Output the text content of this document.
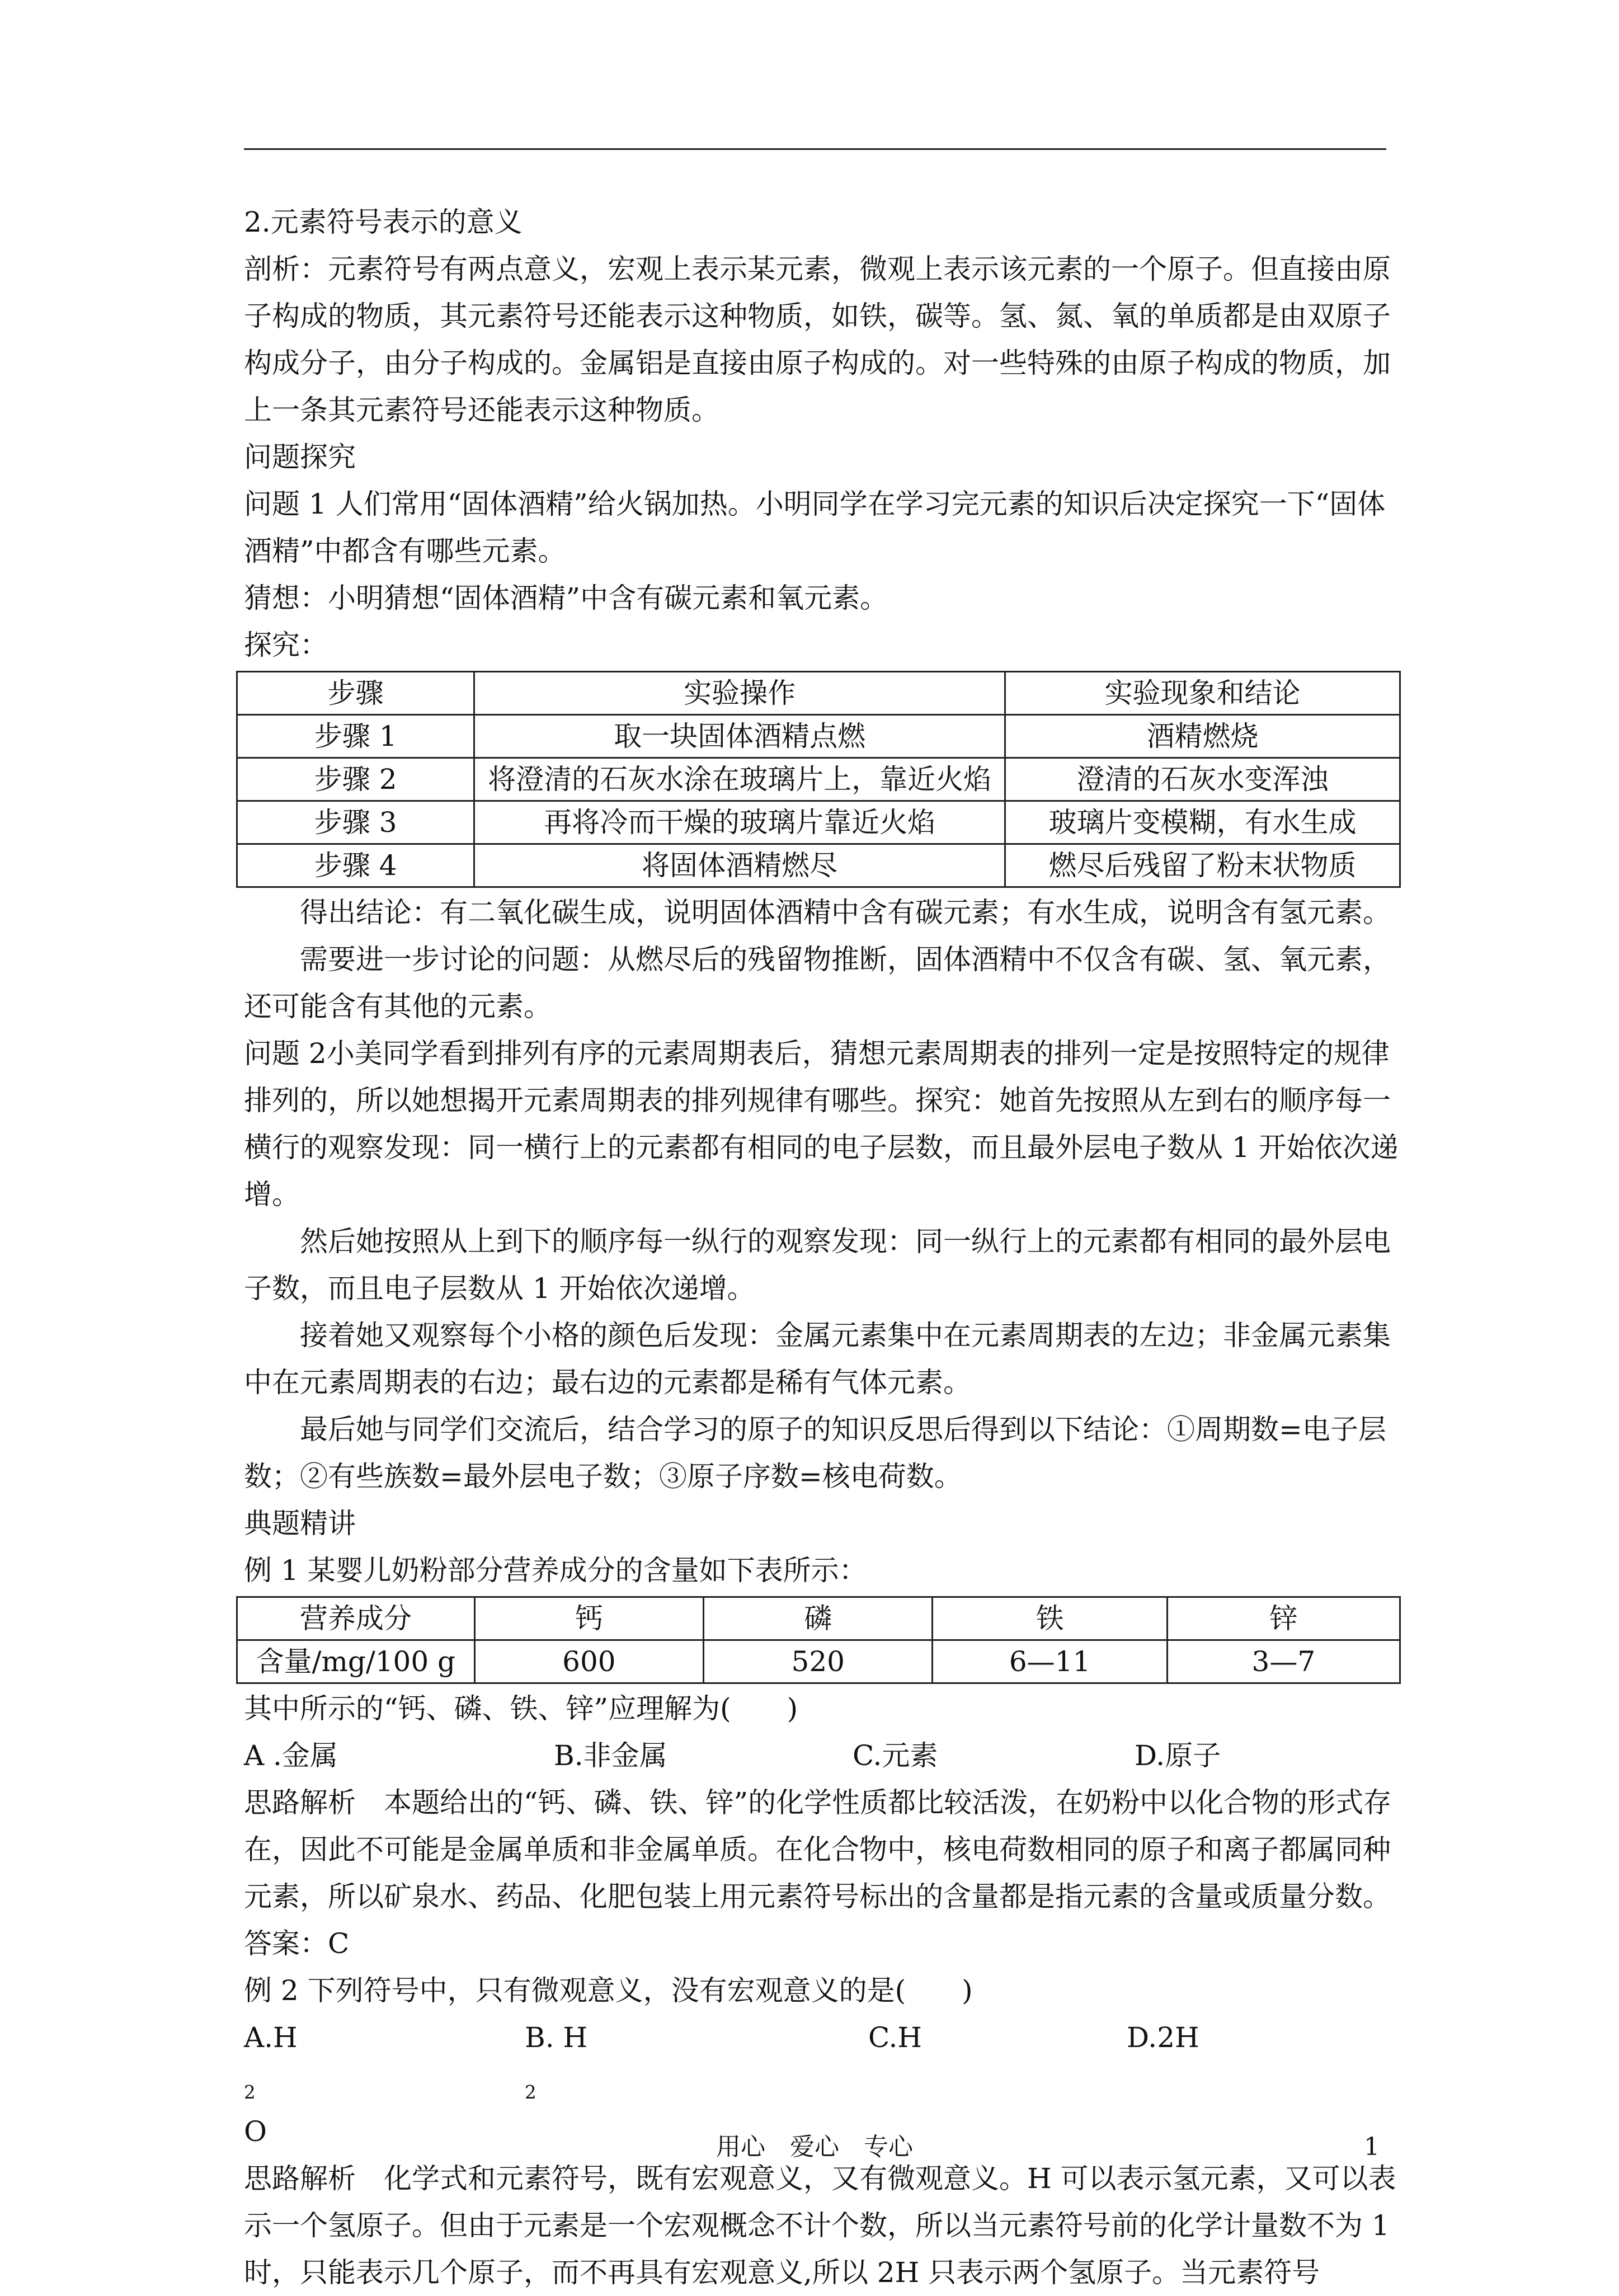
2.元素符号表示的意义

剖析：元素符号有两点意义，宏观上表示某元素，微观上表示该元素的一个原子。但直接由原子构成的物质，其元素符号还能表示这种物质，如铁，碳等。氢、氮、氧的单质都是由双原子构成分子，由分子构成的。金属铝是直接由原子构成的。对一些特殊的由原子构成的物质，加上一条其元素符号还能表示这种物质。

问题探究

问题 1 人们常用“固体酒精”给火锅加热。小明同学在学习完元素的知识后决定探究一下“固体酒精”中都含有哪些元素。

猜想：小明猜想“固体酒精”中含有碳元素和氧元素。

探究：

步骤	实验操作	实验现象和结论
步骤 1	取一块固体酒精点燃	酒精燃烧
步骤 2	将澄清的石灰水涂在玻璃片上，靠近火焰	澄清的石灰水变浑浊
步骤 3	再将冷而干燥的玻璃片靠近火焰	玻璃片变模糊，有水生成
步骤 4	将固体酒精燃尽	燃尽后残留了粉末状物质

得出结论：有二氧化碳生成，说明固体酒精中含有碳元素；有水生成，说明含有氢元素。

需要进一步讨论的问题：从燃尽后的残留物推断，固体酒精中不仅含有碳、氢、氧元素，还可能含有其他的元素。

问题 2小美同学看到排列有序的元素周期表后，猜想元素周期表的排列一定是按照特定的规律排列的，所以她想揭开元素周期表的排列规律有哪些。探究：她首先按照从左到右的顺序每一横行的观察发现：同一横行上的元素都有相同的电子层数，而且最外层电子数从 1 开始依次递增。

然后她按照从上到下的顺序每一纵行的观察发现：同一纵行上的元素都有相同的最外层电子数，而且电子层数从 1 开始依次递增。

接着她又观察每个小格的颜色后发现：金属元素集中在元素周期表的左边；非金属元素集中在元素周期表的右边；最右边的元素都是稀有气体元素。

最后她与同学们交流后，结合学习的原子的知识反思后得到以下结论：①周期数=电子层数；②有些族数=最外层电子数；③原子序数=核电荷数。

典题精讲

例 1 某婴儿奶粉部分营养成分的含量如下表所示：

营养成分	钙	磷	铁	锌
含量/mg/100 g	600	520	6—11	3—7

其中所示的“钙、磷、铁、锌”应理解为(　　)

A .金属	B.非金属	C.元素	D.原子

思路解析　本题给出的“钙、磷、铁、锌”的化学性质都比较活泼，在奶粉中以化合物的形式存在，因此不可能是金属单质和非金属单质。在化合物中，核电荷数相同的原子和离子都属同种元素，所以矿泉水、药品、化肥包装上用元素符号标出的含量都是指元素的含量或质量分数。

答案：C

例 2 下列符号中，只有微观意义，没有宏观意义的是(　　)

A.H
$_2$
O
B. H
$_2$
C.H	D.2H

思路解析　化学式和元素符号，既有宏观意义，又有微观意义。H 可以表示氢元素，又可以表示一个氢原子。但由于元素是一个宏观概念不计个数，所以当元素符号前的化学计量数不为 1 时，只能表示几个原子，而不再具有宏观意义,所以 2H 只表示两个氢原子。当元素符号

用心　爱心　专心	1
